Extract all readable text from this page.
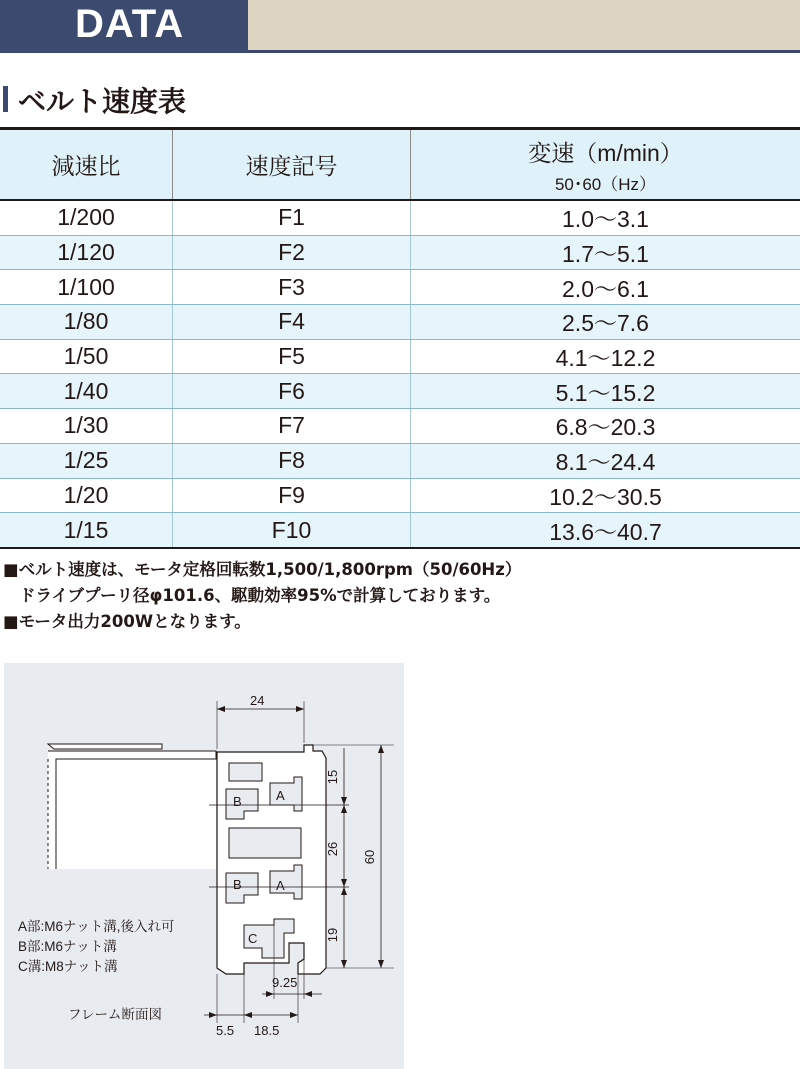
DATA
ベルト速度表
減速比	速度記号	変速（m/min）
50･60（Hz）

1/200	F1	1.0～3.1
1/120	F2	1.7～5.1
1/100	F3	2.0～6.1
1/80	F4	2.5～7.6
1/50	F5	4.1～12.2
1/40	F6	5.1～15.2
1/30	F7	6.8～20.3
1/25	F8	8.1～24.4
1/20	F9	10.2～30.5
1/15	F10	13.6～40.7
■ベルト速度は、モータ定格回転数1,500/1,800rpm（50/60Hz）
ドライブプーリ径φ101.6、駆動効率95%で計算しております。
■モータ出力200Wとなります。
24
15
26
19
60
9.25
5.5 18.5
B
B
A
A
C
A部:M6ナット溝,後入れ可
B部:M6ナット溝
C溝:M8ナット溝
フレーム断面図
